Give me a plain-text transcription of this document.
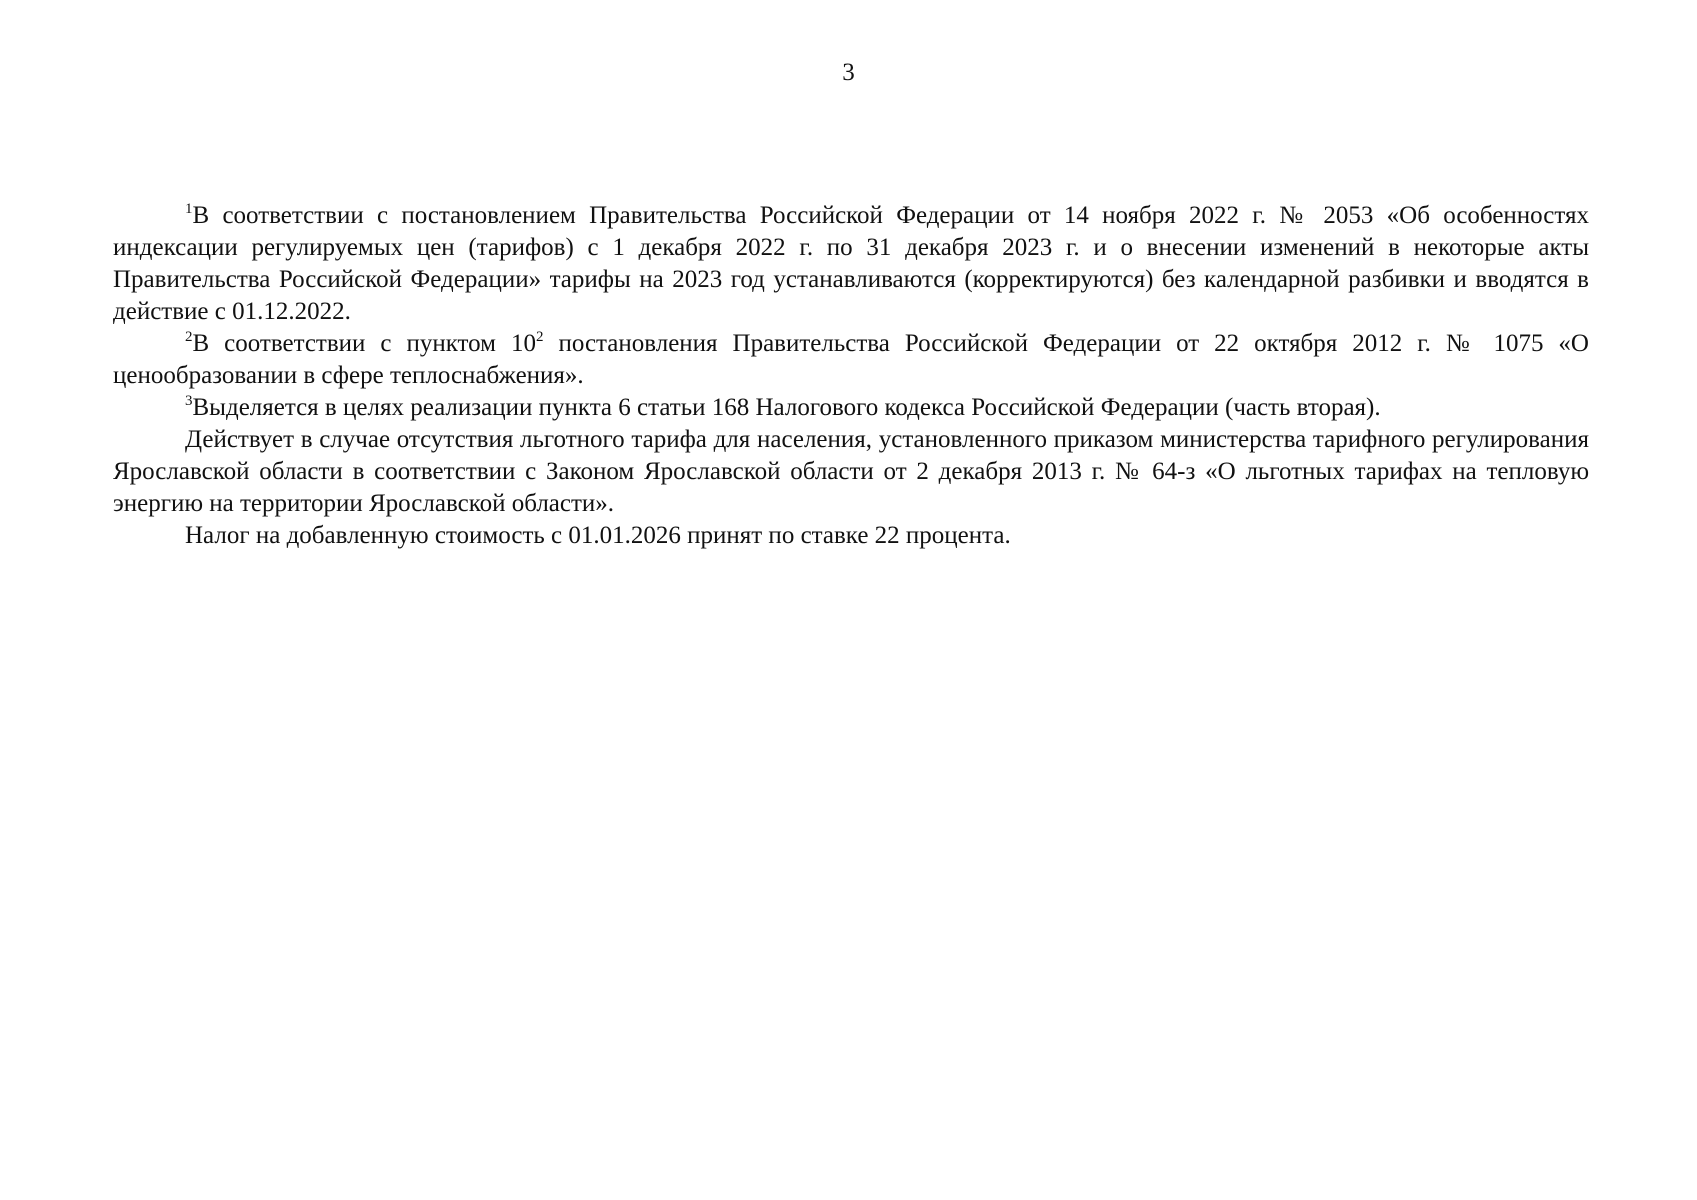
3

$^1$В соответствии с постановлением Правительства Российской Федерации от 14 ноября 2022 г. № 2053 «Об особенностях индексации регулируемых цен (тарифов) с 1 декабря 2022 г. по 31 декабря 2023 г. и о внесении изменений в некоторые акты Правительства Российской Федерации» тарифы на 2023 год устанавливаются (корректируются) без календарной разбивки и вводятся в действие с 01.12.2022.

$^2$В соответствии с пунктом $10^2$ постановления Правительства Российской Федерации от 22 октября 2012 г. № 1075 «О ценообразовании в сфере теплоснабжения».

$^3$Выделяется в целях реализации пункта 6 статьи 168 Налогового кодекса Российской Федерации (часть вторая).

Действует в случае отсутствия льготного тарифа для населения, установленного приказом министерства тарифного регулирования Ярославской области в соответствии с Законом Ярославской области от 2 декабря 2013 г. № 64-з «О льготных тарифах на тепловую энергию на территории Ярославской области».

Налог на добавленную стоимость с 01.01.2026 принят по ставке 22 процента.
